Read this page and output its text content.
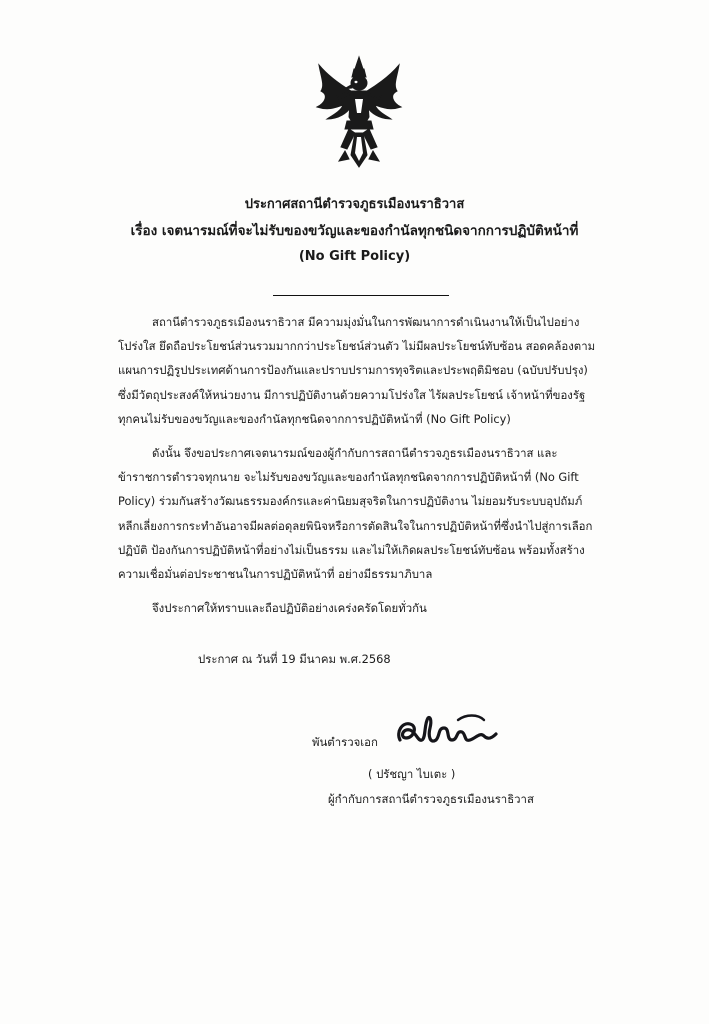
ประกาศสถานีตำรวจภูธรเมืองนราธิวาส
เรื่อง เจตนารมณ์ที่จะไม่รับของขวัญและของกำนัลทุกชนิดจากการปฏิบัติหน้าที่
(No Gift Policy)

สถานีตำรวจภูธรเมืองนราธิวาส มีความมุ่งมั่นในการพัฒนาการดำเนินงานให้เป็นไปอย่างโปร่งใส ยึดถือประโยชน์ส่วนรวมมากกว่าประโยชน์ส่วนตัว ไม่มีผลประโยชน์ทับซ้อน สอดคล้องตามแผนการปฏิรูปประเทศด้านการป้องกันและปราบปรามการทุจริตและประพฤติมิชอบ (ฉบับปรับปรุง) ซึ่งมีวัตถุประสงค์ให้หน่วยงาน มีการปฏิบัติงานด้วยความโปร่งใส ไร้ผลประโยชน์ เจ้าหน้าที่ของรัฐทุกคนไม่รับของขวัญและของกำนัลทุกชนิดจากการปฏิบัติหน้าที่ (No Gift Policy)

ดังนั้น จึงขอประกาศเจตนารมณ์ของผู้กำกับการสถานีตำรวจภูธรเมืองนราธิวาส และข้าราชการตำรวจทุกนาย จะไม่รับของขวัญและของกำนัลทุกชนิดจากการปฏิบัติหน้าที่ (No Gift Policy) ร่วมกันสร้างวัฒนธรรมองค์กรและค่านิยมสุจริตในการปฏิบัติงาน ไม่ยอมรับระบบอุปถัมภ์ หลีกเลี่ยงการกระทำอันอาจมีผลต่อดุลยพินิจหรือการตัดสินใจในการปฏิบัติหน้าที่ซึ่งนำไปสู่การเลือกปฏิบัติ ป้องกันการปฏิบัติหน้าที่อย่างไม่เป็นธรรม และไม่ให้เกิดผลประโยชน์ทับซ้อน พร้อมทั้งสร้างความเชื่อมั่นต่อประชาชนในการปฏิบัติหน้าที่ อย่างมีธรรมาภิบาล

จึงประกาศให้ทราบและถือปฏิบัติอย่างเคร่งครัดโดยทั่วกัน

ประกาศ ณ วันที่ 19 มีนาคม พ.ศ.2568
พันตำรวจเอก
( ปรัชญา ไบเตะ )
ผู้กำกับการสถานีตำรวจภูธรเมืองนราธิวาส
